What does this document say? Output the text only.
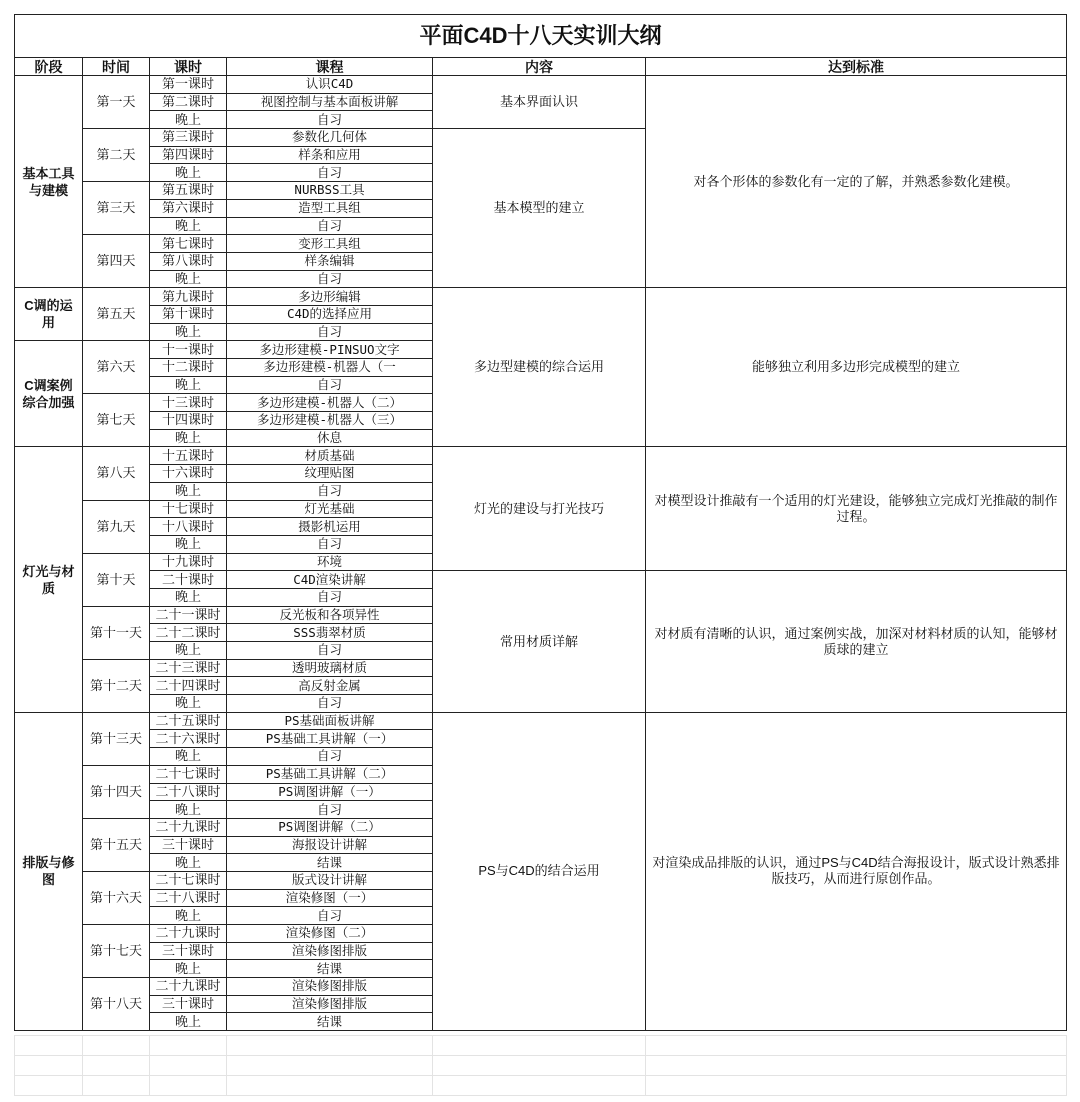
平面C4D十八天实训大纲					
阶段	时间	课时	课程	内容	达到标准
基本工具与建模	第一天	第一课时	认识C4D	基本界面认识	对各个形体的参数化有一定的了解，并熟悉参数化建模。
		第二课时	视图控制与基本面板讲解		
		晚上	自习		
	第二天	第三课时	参数化几何体	基本模型的建立	
		第四课时	样条和应用		
		晚上	自习		
	第三天	第五课时	NURBSS工具		
		第六课时	造型工具组		
		晚上	自习		
	第四天	第七课时	变形工具组		
		第八课时	样条编辑		
		晚上	自习		
C调的运用	第五天	第九课时	多边形编辑	多边型建模的综合运用	能够独立利用多边形完成模型的建立
		第十课时	C4D的选择应用		
		晚上	自习		
C调案例综合加强	第六天	十一课时	多边形建模-PINSUO文字		
		十二课时	多边形建模-机器人（一		
		晚上	自习		
	第七天	十三课时	多边形建模-机器人（二）		
		十四课时	多边形建模-机器人（三）		
		晚上	休息		
灯光与材质	第八天	十五课时	材质基础	灯光的建设与打光技巧	对模型设计推敲有一个适用的灯光建设，能够独立完成灯光推敲的制作过程。
		十六课时	纹理贴图		
		晚上	自习		
	第九天	十七课时	灯光基础		
		十八课时	摄影机运用		
		晚上	自习		
	第十天	十九课时	环境		
		二十课时	C4D渲染讲解	常用材质详解	对材质有清晰的认识，通过案例实战，加深对材料材质的认知，能够材质球的建立
		晚上	自习		
	第十一天	二十一课时	反光板和各项异性		
		二十二课时	SSS翡翠材质		
		晚上	自习		
	第十二天	二十三课时	透明玻璃材质		
		二十四课时	高反射金属		
		晚上	自习		
排版与修图	第十三天	二十五课时	PS基础面板讲解	PS与C4D的结合运用	对渲染成品排版的认识，通过PS与C4D结合海报设计，版式设计熟悉排版技巧，从而进行原创作品。
		二十六课时	PS基础工具讲解（一）		
		晚上	自习		
	第十四天	二十七课时	PS基础工具讲解（二）		
		二十八课时	PS调图讲解（一）		
		晚上	自习		
	第十五天	二十九课时	PS调图讲解（二）		
		三十课时	海报设计讲解		
		晚上	结课		
	第十六天	二十七课时	版式设计讲解		
		二十八课时	渲染修图（一）		
		晚上	自习		
	第十七天	二十九课时	渲染修图（二）		
		三十课时	渲染修图排版		
		晚上	结课		
	第十八天	二十九课时	渲染修图排版		
		三十课时	渲染修图排版		
		晚上	结课		
